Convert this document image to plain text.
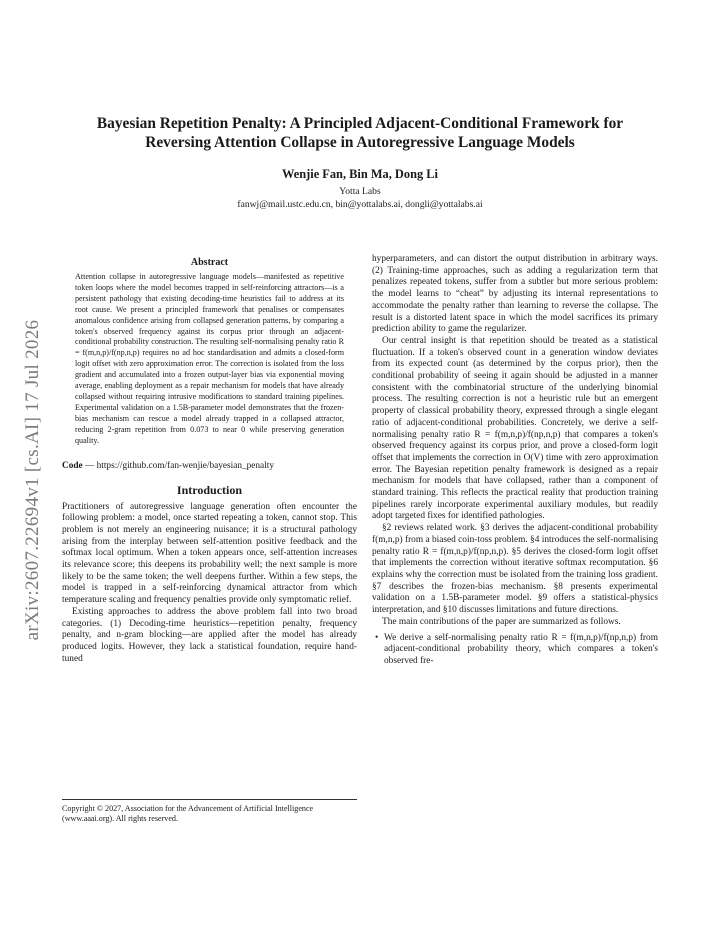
arXiv:2607.22694v1 [cs.AI] 17 Jul 2026
Bayesian Repetition Penalty: A Principled Adjacent-Conditional Framework for
Reversing Attention Collapse in Autoregressive Language Models
Wenjie Fan, Bin Ma, Dong Li
Yotta Labs
fanwj@mail.ustc.edu.cn, bin@yottalabs.ai, dongli@yottalabs.ai
Abstract

Attention collapse in autoregressive language models—manifested as repetitive token loops where the model becomes trapped in self-reinforcing attractors—is a persistent pathology that existing decoding-time heuristics fail to address at its root cause. We present a principled framework that penalises or compensates anomalous confidence arising from collapsed generation patterns, by comparing a token's observed frequency against its corpus prior through an adjacent-conditional probability construction. The resulting self-normalising penalty ratio R = f(m,n,p)/f(np,n,p) requires no ad hoc standardisation and admits a closed-form logit offset with zero approximation error. The correction is isolated from the loss gradient and accumulated into a frozen output-layer bias via exponential moving average, enabling deployment as a repair mechanism for models that have already collapsed without requiring intrusive modifications to standard training pipelines. Experimental validation on a 1.5B-parameter model demonstrates that the frozen-bias mechanism can rescue a model already trapped in a collapsed attractor, reducing 2-gram repetition from 0.073 to near 0 while preserving generation quality.

Code — https://github.com/fan-wenjie/bayesian_penalty

Introduction

Practitioners of autoregressive language generation often encounter the following problem: a model, once started repeating a token, cannot stop. This problem is not merely an engineering nuisance; it is a structural pathology arising from the interplay between self-attention positive feedback and the softmax local optimum. When a token appears once, self-attention increases its relevance score; this deepens its probability well; the next sample is more likely to be the same token; the well deepens further. Within a few steps, the model is trapped in a self-reinforcing dynamical attractor from which temperature scaling and frequency penalties provide only symptomatic relief.

Existing approaches to address the above problem fall into two broad categories. (1) Decoding-time heuristics—repetition penalty, frequency penalty, and n-gram blocking—are applied after the model has already produced logits. However, they lack a statistical foundation, require hand-tuned

Copyright © 2027, Association for the Advancement of Artificial Intelligence (www.aaai.org). All rights reserved.

hyperparameters, and can distort the output distribution in arbitrary ways. (2) Training-time approaches, such as adding a regularization term that penalizes repeated tokens, suffer from a subtler but more serious problem: the model learns to “cheat” by adjusting its internal representations to accommodate the penalty rather than learning to reverse the collapse. The result is a distorted latent space in which the model sacrifices its primary prediction ability to game the regularizer.

Our central insight is that repetition should be treated as a statistical fluctuation. If a token's observed count in a generation window deviates from its expected count (as determined by the corpus prior), then the conditional probability of seeing it again should be adjusted in a manner consistent with the combinatorial structure of the underlying binomial process. The resulting correction is not a heuristic rule but an emergent property of classical probability theory, expressed through a single elegant ratio of adjacent-conditional probabilities. Concretely, we derive a self-normalising penalty ratio R = f(m,n,p)/f(np,n,p) that compares a token's observed frequency against its corpus prior, and prove a closed-form logit offset that implements the correction in O(V) time with zero approximation error. The Bayesian repetition penalty framework is designed as a repair mechanism for models that have collapsed, rather than a component of standard training. This reflects the practical reality that production training pipelines rarely incorporate experimental auxiliary modules, but readily adopt targeted fixes for identified pathologies.

§2 reviews related work. §3 derives the adjacent-conditional probability f(m,n,p) from a biased coin-toss problem. §4 introduces the self-normalising penalty ratio R = f(m,n,p)/f(np,n,p). §5 derives the closed-form logit offset that implements the correction without iterative softmax recomputation. §6 explains why the correction must be isolated from the training loss gradient. §7 describes the frozen-bias mechanism. §8 presents experimental validation on a 1.5B-parameter model. §9 offers a statistical-physics interpretation, and §10 discusses limitations and future directions.

The main contributions of the paper are summarized as follows.

• We derive a self-normalising penalty ratio R = f(m,n,p)/f(np,n,p) from adjacent-conditional probability theory, which compares a token's observed fre-
